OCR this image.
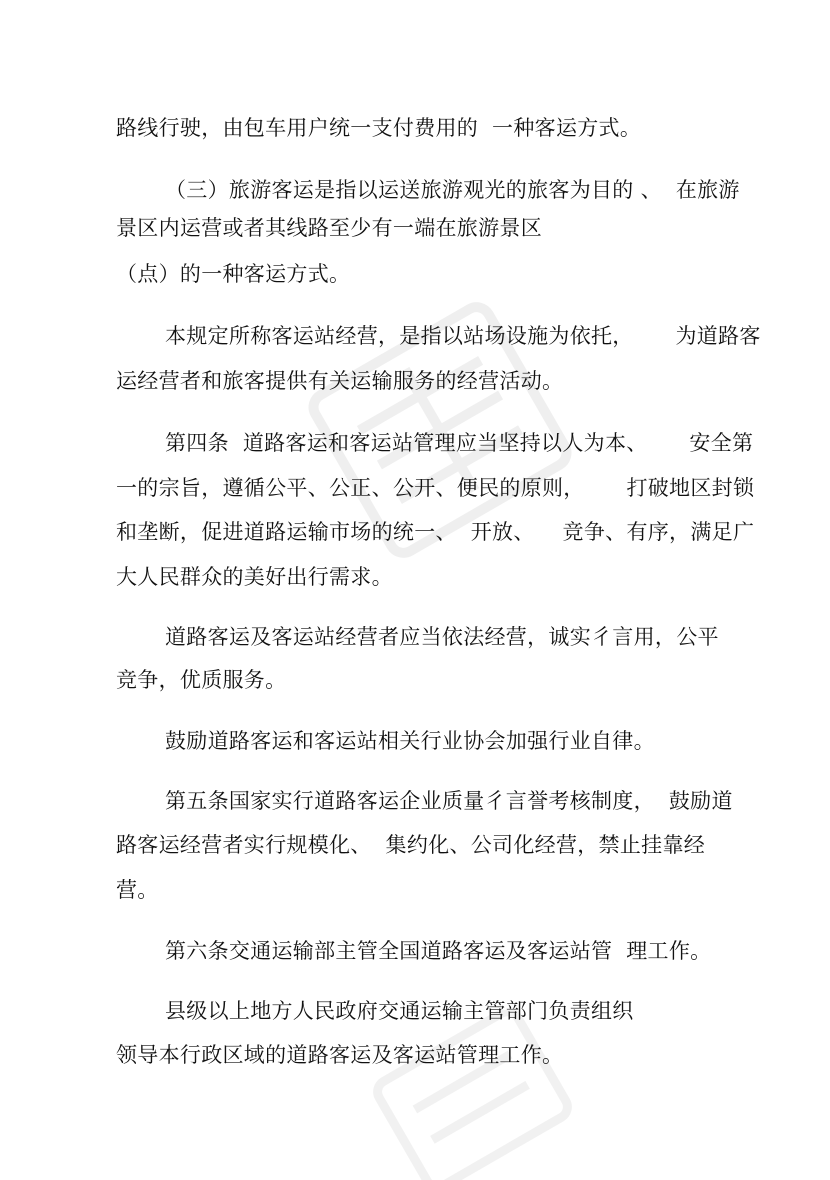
路线行驶，由包车用户统一支付费用的  一种客运方式。
（三）旅游客运是指以运送旅游观光的旅客为目的 、  在旅游
景区内运营或者其线路至少有一端在旅游景区
（点）的一种客运方式。
本规定所称客运站经营，是指以站场设施为依托，      为道路客
运经营者和旅客提供有关运输服务的经营活动。
第四条  道路客运和客运站管理应当坚持以人为本、      安全第
一的宗旨，遵循公平、公正、公开、便民的原则，      打破地区封锁
和垄断，促进道路运输市场的统一、  开放、    竞争、有序，满足广
大人民群众的美好出行需求。
道路客运及客运站经营者应当依法经营，诚实彳言用，公平
竞争，优质服务。
鼓励道路客运和客运站相关行业协会加强行业自律。
第五条国家实行道路客运企业质量彳言誉考核制度，  鼓励道
路客运经营者实行规模化、  集约化、公司化经营，禁止挂靠经
营。
第六条交通运输部主管全国道路客运及客运站管  理工作。
县级以上地方人民政府交通运输主管部门负责组织
领导本行政区域的道路客运及客运站管理工作。
